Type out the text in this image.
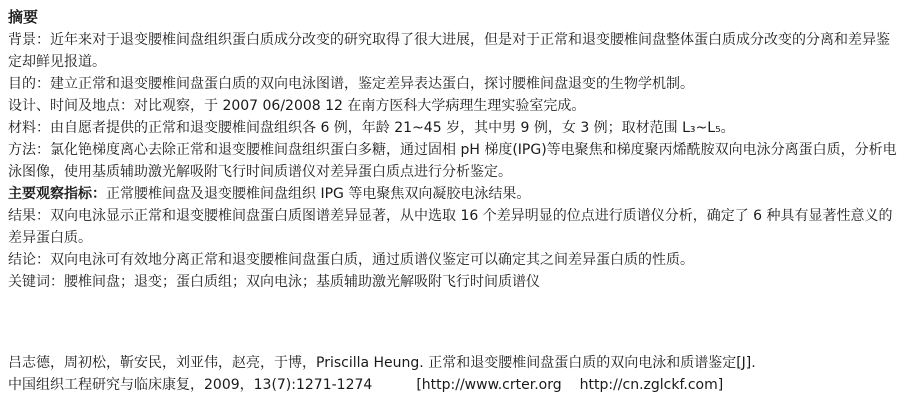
摘要

背景：近年来对于退变腰椎间盘组织蛋白质成分改变的研究取得了很大进展，但是对于正常和退变腰椎间盘整体蛋白质成分改变的分离和差异鉴定却鲜见报道。

目的：建立正常和退变腰椎间盘蛋白质的双向电泳图谱，鉴定差异表达蛋白，探讨腰椎间盘退变的生物学机制。

设计、时间及地点：对比观察，于 2007 06/2008 12 在南方医科大学病理生理实验室完成。

材料：由自愿者提供的正常和退变腰椎间盘组织各 6 例，年龄 21~45 岁，其中男 9 例，女 3 例；取材范围 L₃~L₅。

方法：氯化铯梯度离心去除正常和退变腰椎间盘组织蛋白多糖，通过固相 pH 梯度(IPG)等电聚焦和梯度聚丙烯酰胺双向电泳分离蛋白质，分析电泳图像，使用基质辅助激光解吸附飞行时间质谱仪对差异蛋白质点进行分析鉴定。

主要观察指标：正常腰椎间盘及退变腰椎间盘组织 IPG 等电聚焦双向凝胶电泳结果。

结果：双向电泳显示正常和退变腰椎间盘蛋白质图谱差异显著，从中选取 16 个差异明显的位点进行质谱仪分析，确定了 6 种具有显著性意义的差异蛋白质。

结论：双向电泳可有效地分离正常和退变腰椎间盘蛋白质，通过质谱仪鉴定可以确定其之间差异蛋白质的性质。

关键词：腰椎间盘；退变；蛋白质组；双向电泳；基质辅助激光解吸附飞行时间质谱仪

吕志德，周初松，靳安民，刘亚伟，赵亮，于博，Priscilla Heung. 正常和退变腰椎间盘蛋白质的双向电泳和质谱鉴定[J].
中国组织工程研究与临床康复，2009，13(7):1271-1274	[http://www.crter.org http://cn.zglckf.com]
